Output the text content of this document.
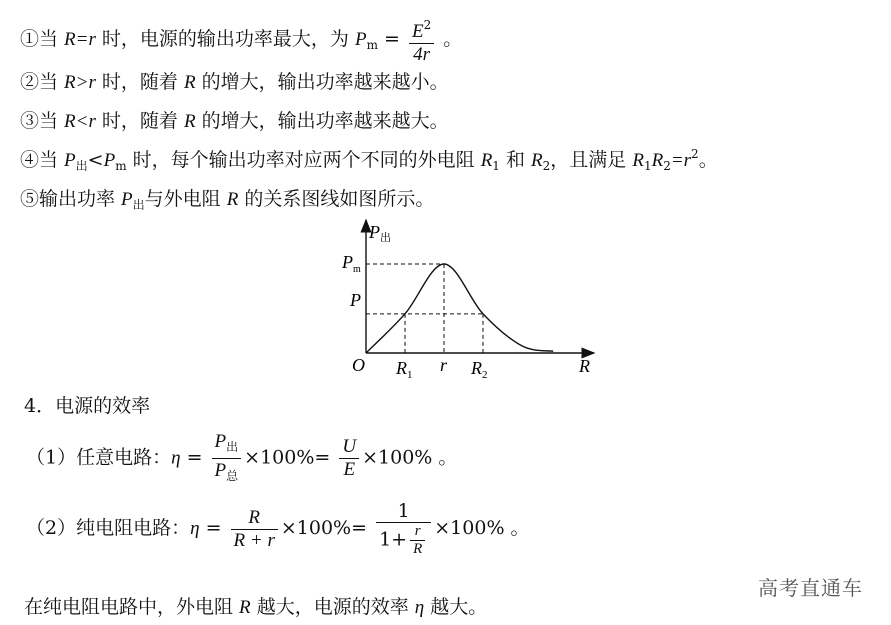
①当 R=r 时，电源的输出功率最大，为 $P_m = \frac{E^2}{4r}$ 。
②当 R>r 时，随着 R 的增大，输出功率越来越小。
③当 R<r 时，随着 R 的增大，输出功率越来越大。
④当 $P_出<P_m$ 时，每个输出功率对应两个不同的外电阻 $R_1$ 和 $R_2$，且满足 $R_1R_2=r^2$。
⑤输出功率 $P_出$与外电阻 R 的关系图线如图所示。
P出
R
O
$P_m$
P
$R_1$ r $R_2$
4．电源的效率
（1）任意电路：$\eta = \frac{P_出}{P_总} \times 100\%= \frac{U}{E} \times 100\%$ 。
（2）纯电阻电路：$\eta = \frac{R}{R + r} \times 100\%= \frac{1}{1+ \frac{r}{R}} \times 100\%$ 。
在纯电阻电路中，外电阻 R 越大，电源的效率 η 越大。
高考直通车
